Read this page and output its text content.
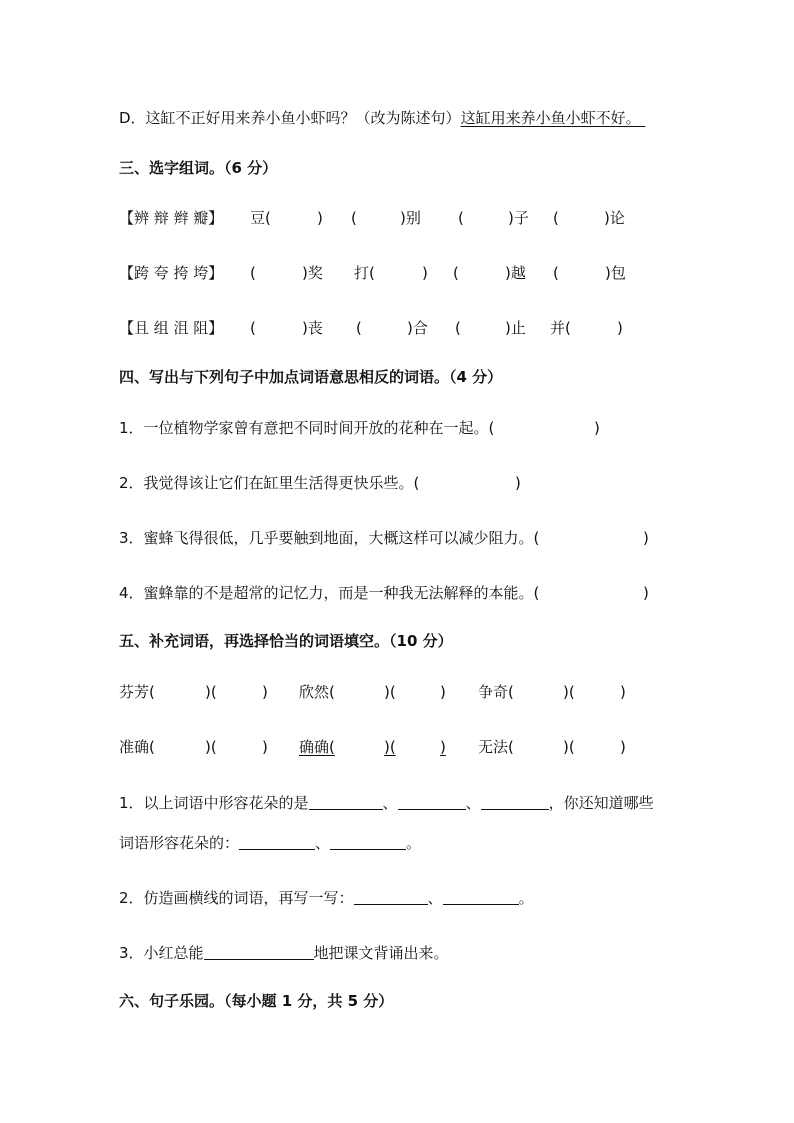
D．这缸不正好用来养小鱼小虾吗？（改为陈述句）这缸用来养小鱼小虾不好。
三、选字组词。（6 分）
【辨 辩 辫 瓣】 豆(	) (	)别 (	)子 (	)论
【跨 夸 挎 垮】 (	)奖 打(	) (	)越 (	)包
【且 组 沮 阻】 (	)丧 (	)合 (	)止 并(	)
四、写出与下列句子中加点词语意思相反的词语。（4 分）
1．一位植物学家曾有意把不同时间开放的花种在一起。(	)
2．我觉得该让它们在缸里生活得更快乐些。(	)
3．蜜蜂飞得很低，几乎要触到地面，大概这样可以减少阻力。(	)
4．蜜蜂靠的不是超常的记忆力，而是一种我无法解释的本能。(	)
五、补充词语，再选择恰当的词语填空。（10 分）
芬芳(	)(	) 欣然(	)(	) 争奇(	)(	)
准确(	)(	) 确确(	)(	) 无法(	)(	)
1．以上词语中形容花朵的是	、	、	，你还知道哪些
词语形容花朵的：	、	。
2．仿造画横线的词语，再写一写：	、	。
3．小红总能	地把课文背诵出来。
六、句子乐园。（每小题 1 分，共 5 分）
